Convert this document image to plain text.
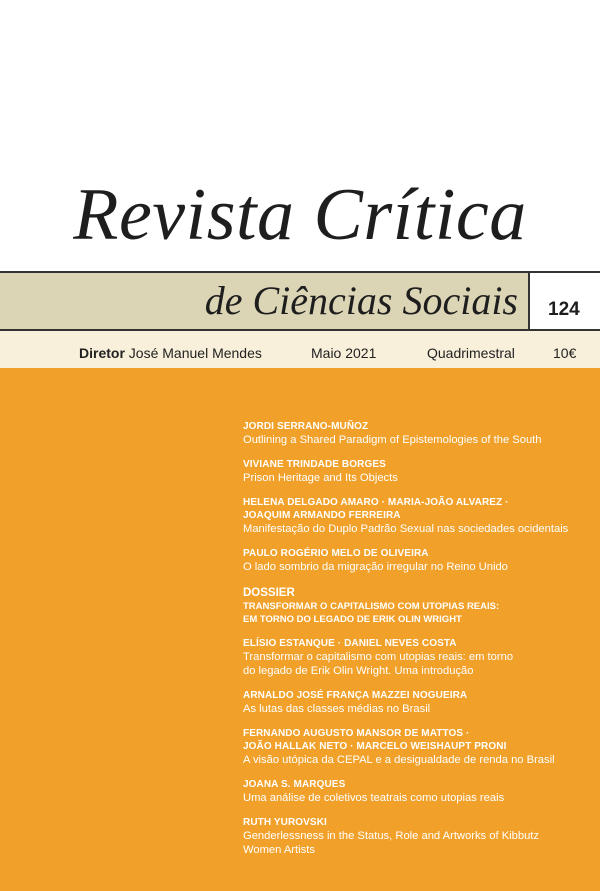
Revista Crítica
de Ciências Sociais 124
Diretor José Manuel Mendes	Maio 2021	Quadrimestral	10€
JORDI SERRANO-MUÑOZ
Outlining a Shared Paradigm of Epistemologies of the South
VIVIANE TRINDADE BORGES
Prison Heritage and Its Objects
HELENA DELGADO AMARO · MARIA-JOÃO ALVAREZ ·
JOAQUIM ARMANDO FERREIRA
Manifestação do Duplo Padrão Sexual nas sociedades ocidentais
PAULO ROGÉRIO MELO DE OLIVEIRA
O lado sombrio da migração irregular no Reino Unido
DOSSIER
TRANSFORMAR O CAPITALISMO COM UTOPIAS REAIS:
EM TORNO DO LEGADO DE ERIK OLIN WRIGHT
ELÍSIO ESTANQUE · DANIEL NEVES COSTA
Transformar o capitalismo com utopias reais: em torno
do legado de Erik Olin Wright. Uma introdução
ARNALDO JOSÉ FRANÇA MAZZEI NOGUEIRA
As lutas das classes médias no Brasil
FERNANDO AUGUSTO MANSOR DE MATTOS ·
JOÃO HALLAK NETO · MARCELO WEISHAUPT PRONI
A visão utópica da CEPAL e a desigualdade de renda no Brasil
JOANA S. MARQUES
Uma análise de coletivos teatrais como utopias reais
RUTH YUROVSKI
Genderlessness in the Status, Role and Artworks of Kibbutz
Women Artists
